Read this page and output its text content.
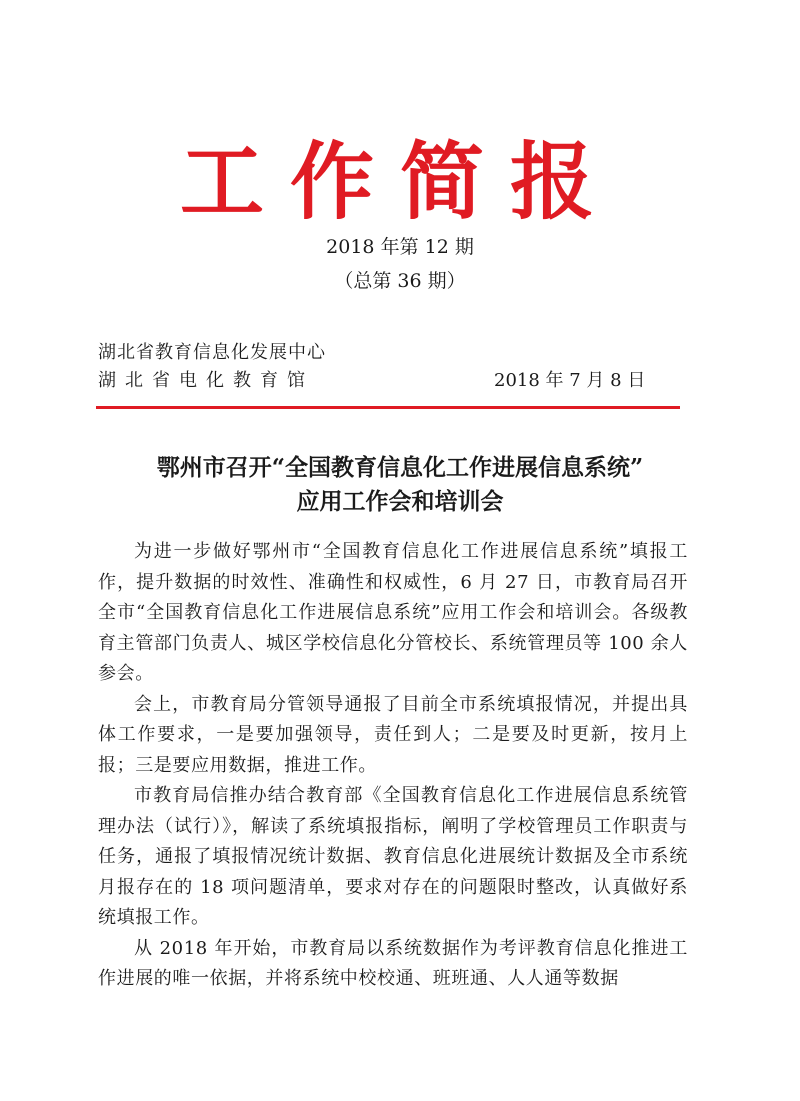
工作简报
2018 年第 12 期
（总第 36 期）
湖北省教育信息化发展中心
湖北省电化教育馆	2018 年 7 月 8 日
鄂州市召开“全国教育信息化工作进展信息系统”
应用工作会和培训会

为进一步做好鄂州市“全国教育信息化工作进展信息系统”填报工作，提升数据的时效性、准确性和权威性，6 月 27 日，市教育局召开全市“全国教育信息化工作进展信息系统”应用工作会和培训会。各级教育主管部门负责人、城区学校信息化分管校长、系统管理员等 100 余人参会。

会上，市教育局分管领导通报了目前全市系统填报情况，并提出具体工作要求，一是要加强领导，责任到人；二是要及时更新，按月上报；三是要应用数据，推进工作。

市教育局信推办结合教育部《全国教育信息化工作进展信息系统管理办法（试行）》，解读了系统填报指标，阐明了学校管理员工作职责与任务，通报了填报情况统计数据、教育信息化进展统计数据及全市系统月报存在的 18 项问题清单，要求对存在的问题限时整改，认真做好系统填报工作。

从 2018 年开始，市教育局以系统数据作为考评教育信息化推进工作进展的唯一依据，并将系统中校校通、班班通、人人通等数据
